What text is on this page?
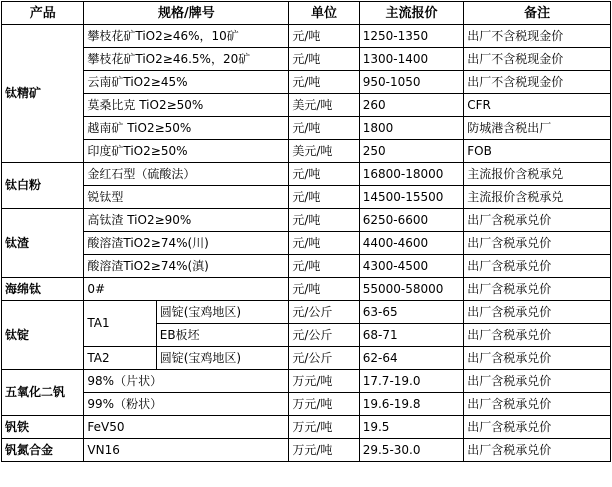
产品	规格/牌号		单位	主流报价	备注
钛精矿	攀枝花矿TiO2≥46%，10矿		元/吨	1250-1350	出厂不含税现金价
	攀枝花矿TiO2≥46.5%，20矿		元/吨	1300-1400	出厂不含税现金价
	云南矿TiO2≥45%		元/吨	950-1050	出厂不含税现金价
	莫桑比克 TiO2≥50%		美元/吨	260	CFR
	越南矿 TiO2≥50%		元/吨	1800	防城港含税出厂
	印度矿TiO2≥50%		美元/吨	250	FOB
钛白粉	金红石型（硫酸法）		元/吨	16800-18000	主流报价含税承兑
	锐钛型		元/吨	14500-15500	主流报价含税承兑
钛渣	高钛渣 TiO2≥90%		元/吨	6250-6600	出厂含税承兑价
	酸溶渣TiO2≥74%(川)		元/吨	4400-4600	出厂含税承兑价
	酸溶渣TiO2≥74%(滇)		元/吨	4300-4500	出厂含税承兑价
海绵钛	0#		元/吨	55000-58000	出厂含税承兑价
钛锭	TA1	圆锭(宝鸡地区)	元/公斤	63-65	出厂含税承兑价
		EB板坯	元/公斤	68-71	出厂含税承兑价
	TA2	圆锭(宝鸡地区)	元/公斤	62-64	出厂含税承兑价
五氧化二钒	98%（片状）		万元/吨	17.7-19.0	出厂含税承兑价
	99%（粉状）		万元/吨	19.6-19.8	出厂含税承兑价
钒铁	FeV50		万元/吨	19.5	出厂含税承兑价
钒氮合金	VN16		万元/吨	29.5-30.0	出厂含税承兑价
